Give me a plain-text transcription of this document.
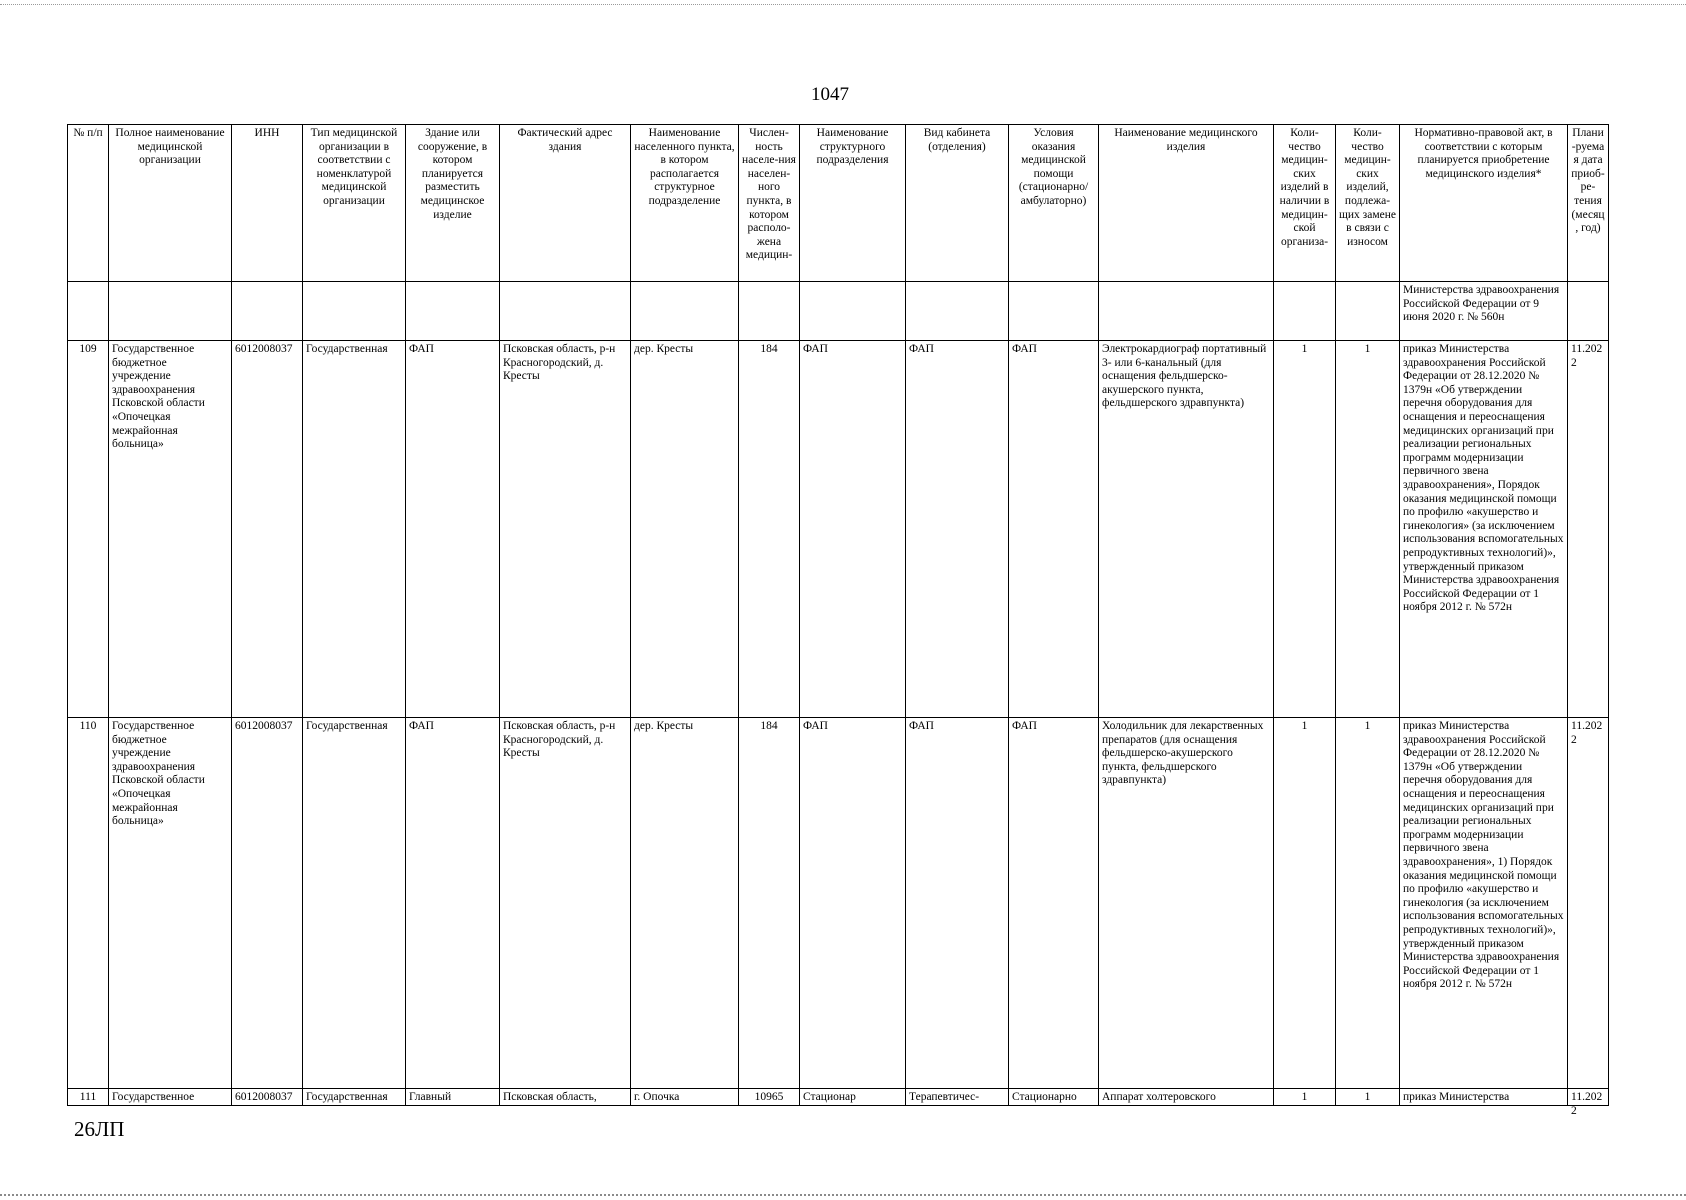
1047
№ п/п	Полное наименование медицинской организации	ИНН	Тип медицинской организации в соответствии с номенклатурой медицинской организации	Здание или сооружение, в котором планируется разместить медицинское изделие	Фактический адрес здания	Наименование населенного пункта, в котором располагается структурное подразделение	Числен-ность населе-ния населен-ного пункта, в котором располо-жена медицин-	Наименование структурного подразделения	Вид кабинета (отделения)	Условия оказания медицинской помощи (стационарно/ амбулаторно)	Наименование медицинского изделия	Коли-чество медицин-ских изделий в наличии в медицин-ской организа-	Коли-чество медицин-ских изделий, подлежа-щих замене в связи с износом	Нормативно-правовой акт, в соответствии с которым планируется приобретение медицинского изделия*	Плани-руемая дата приоб-ре-тения (месяц, год)
														Министерства здравоохранения Российской Федерации от 9 июня 2020 г. № 560н	
109	Государственное бюджетное учреждение здравоохранения Псковской области «Опочецкая межрайонная больница»	6012008037	Государственная	ФАП	Псковская область, р-н Красногородский, д. Кресты	дер. Кресты	184	ФАП	ФАП	ФАП	Электрокардиограф портативный 3- или 6-канальный (для оснащения фельдшерско-акушерского пункта, фельдшерского здравпункта)	1	1	приказ Министерства здравоохранения Российской Федерации от 28.12.2020 № 1379н «Об утверждении перечня оборудования для оснащения и переоснащения медицинских организаций при реализации региональных программ модернизации первичного звена здравоохранения», Порядок оказания медицинской помощи по профилю «акушерство и гинекология» (за исключением использования вспомогательных репродуктивных технологий)», утвержденный приказом Министерства здравоохранения Российской Федерации от 1 ноября 2012 г. № 572н	11.2022
110	Государственное бюджетное учреждение здравоохранения Псковской области «Опочецкая межрайонная больница»	6012008037	Государственная	ФАП	Псковская область, р-н Красногородский, д. Кресты	дер. Кресты	184	ФАП	ФАП	ФАП	Холодильник для лекарственных препаратов (для оснащения фельдшерско-акушерского пункта, фельдшерского здравпункта)	1	1	приказ Министерства здравоохранения Российской Федерации от 28.12.2020 № 1379н «Об утверждении перечня оборудования для оснащения и переоснащения медицинских организаций при реализации региональных программ модернизации первичного звена здравоохранения», 1) Порядок оказания медицинской помощи по профилю «акушерство и гинекология (за исключением использования вспомогательных репродуктивных технологий)», утвержденный приказом Министерства здравоохранения Российской Федерации от 1 ноября 2012 г. № 572н	11.2022

111	Государственное	6012008037	Государственная	Главный	Псковская область,	г. Опочка	10965	Стационар	Терапевтичес-	Стационарно	Аппарат холтеровского	1	1	приказ Министерства	11.2022
26ЛП
